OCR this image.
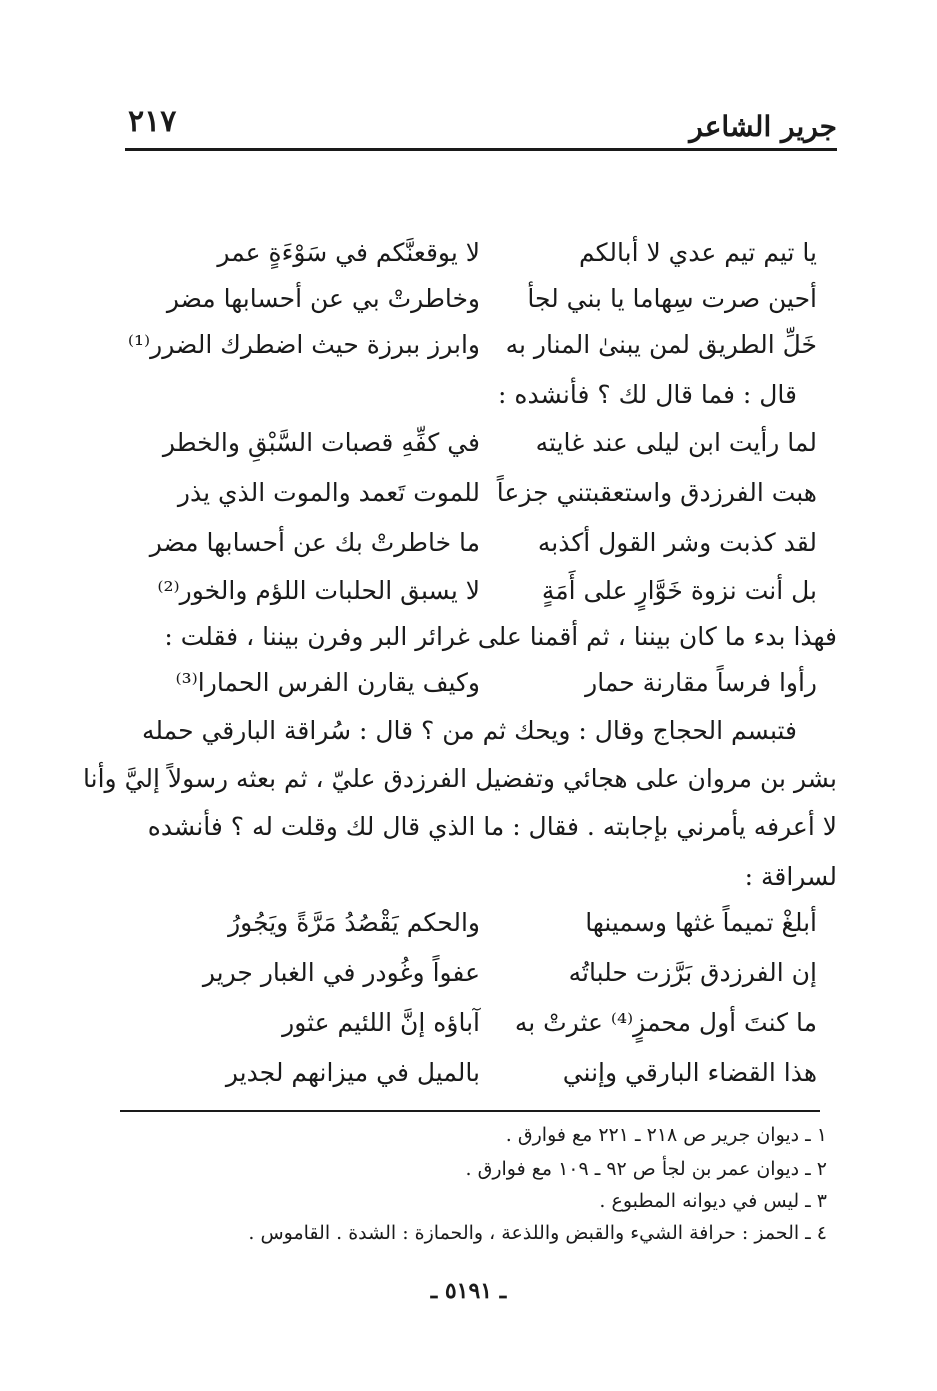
جرير الشاعر
٢١٧
يا تيم تيم عدي لا أبالكم
لا يوقعنَّكم في سَوْءَةٍ عمر
أحين صرت سِهاما يا بني لجأ
وخاطرتْ بي عن أحسابها مضر
خَلِّ الطريق لمن يبنىٰ المنار به
وابرز ببرزة حيث اضطرك الضرر⁽¹⁾
قال : فما قال لك ؟ فأنشده :
لما رأيت ابن ليلى عند غايته
في كفِّهِ قصبات السَّبْقِ والخطر
هبت الفرزدق واستعقبتني جزعاً
للموت تَعمد والموت الذي يذر
لقد كذبت وشر القول أكذبه
ما خاطرتْ بك عن أحسابها مضر
بل أنت نزوة خَوَّارٍ على أَمَةٍ
لا يسبق الحلبات اللؤم والخور⁽²⁾
فهذا بدء ما كان بيننا ، ثم أقمنا على غرائر البر وفرن بيننا ، فقلت :
رأوا فرساً مقارنة حمار
وكيف يقارن الفرس الحمارا⁽³⁾
فتبسم الحجاج وقال : ويحك ثم من ؟ قال : سُراقة البارقي حمله
بشر بن مروان على هجائي وتفضيل الفرزدق عليّ ، ثم بعثه رسولاً إليَّ وأنا
لا أعرفه يأمرني بإجابته . فقال : ما الذي قال لك وقلت له ؟ فأنشده
لسراقة :
أبلغْ تميماً غثها وسمينها
والحكم يَقْصُدُ مَرَّةً ويَجُورُ
إن الفرزدق بَرَّزت حلباتُه
عفواً وغُودر في الغبار جرير
ما كنتَ أول محمزٍ⁽⁴⁾ عثرتْ به
آباؤه إنَّ اللئيم عثور
هذا القضاء البارقي وإنني
بالميل في ميزانهم لجدير
١ ـ ديوان جرير ص ٢١٨ ـ ٢٢١ مع فوارق .
٢ ـ ديوان عمر بن لجأ ص ٩٢ ـ ١٠٩ مع فوارق .
٣ ـ ليس في ديوانه المطبوع .
٤ ـ الحمز : حرافة الشيء والقبض واللذعة ، والحمازة : الشدة . القاموس .
ـ ٥١٩١ ـ
